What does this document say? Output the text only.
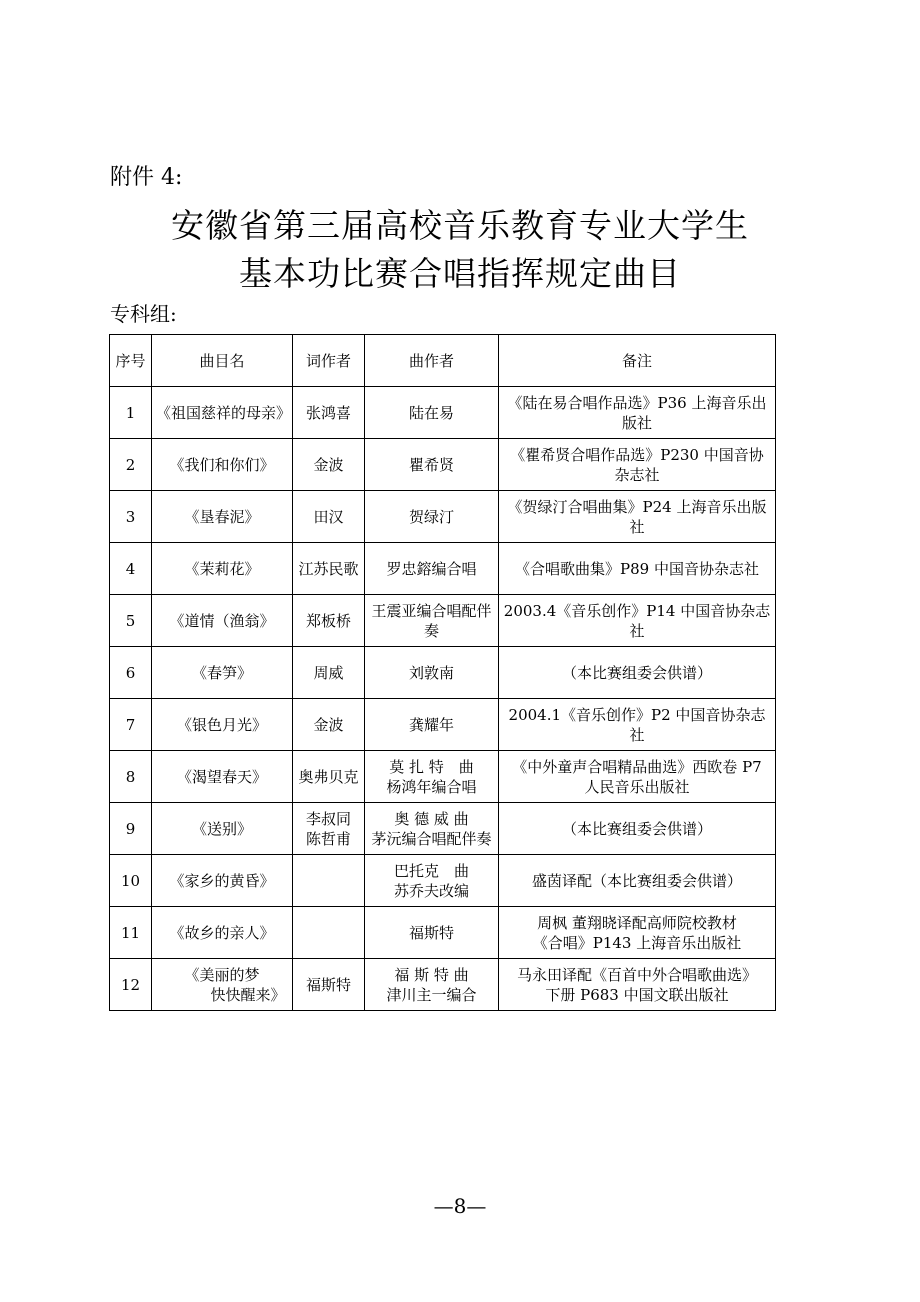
附件 4:
安徽省第三届高校音乐教育专业大学生
基本功比赛合唱指挥规定曲目
专科组:
序号	曲目名	词作者	曲作者	备注
1	《祖国慈祥的母亲》	张鸿喜	陆在易	《陆在易合唱作品选》P36 上海音乐出版社

2	《我们和你们》	金波	瞿希贤	《瞿希贤合唱作品选》P230 中国音协杂志社

3	《垦春泥》	田汉	贺绿汀	《贺绿汀合唱曲集》P24 上海音乐出版社

4	《茉莉花》	江苏民歌	罗忠鎔编合唱	《合唱歌曲集》P89 中国音协杂志社

5	《道情（渔翁》	郑板桥	王震亚编合唱配伴奏	2003.4《音乐创作》P14 中国音协杂志
社

6	《春笋》	周威	刘敦南	（本比赛组委会供谱）

7	《银色月光》	金波	龚耀年	2004.1《音乐创作》P2 中国音协杂志社

8	《渴望春天》	奥弗贝克	莫 扎 特　曲
杨鸿年编合唱	《中外童声合唱精品曲选》西欧卷 P7
人民音乐出版社

9	《送别》	李叔同
陈哲甫	奥 德 威 曲
茅沅编合唱配伴奏	（本比赛组委会供谱）

10	《家乡的黄昏》		巴托克　曲
苏乔夫改编	盛茵译配（本比赛组委会供谱）

11	《故乡的亲人》		福斯特	周枫 董翔晓译配高师院校教材
《合唱》P143 上海音乐出版社

12	《美丽的梦
快快醒来》	福斯特	福 斯 特 曲
津川主一编合	马永田译配《百首中外合唱歌曲选》
下册 P683 中国文联出版社
—8—
